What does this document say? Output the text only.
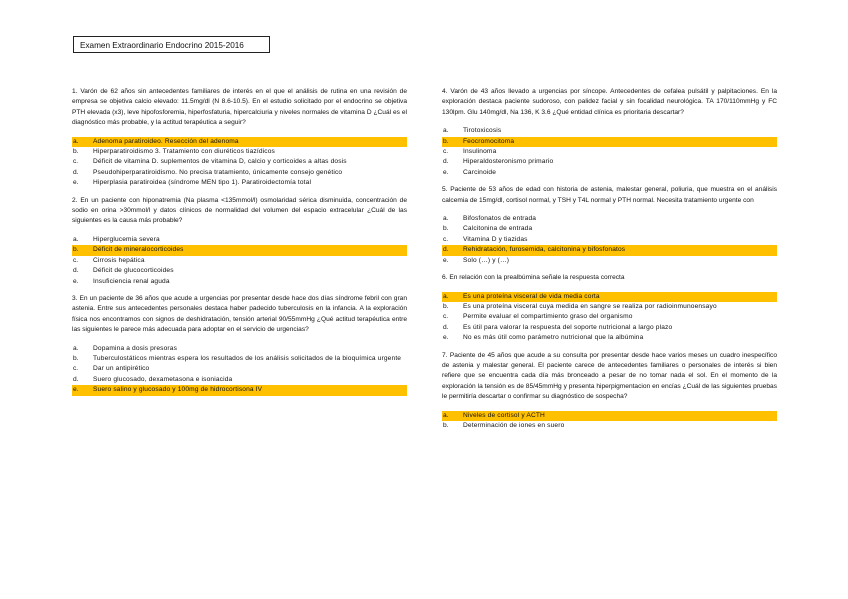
Examen Extraordinario Endocrino 2015-2016

1. Varón de 62 años sin antecedentes familiares de interés en el que el análisis de rutina en una revisión de empresa se objetiva calcio elevado: 11.5mg/dl (N 8.6-10.5). En el estudio solicitado por el endocrino se objetiva PTH elevada (x3), leve hipofosforemia, hiperfosfaturia, hipercalciuria y niveles normales de vitamina D ¿Cuál es el diagnóstico más probable, y la actitud terapéutica a seguir?

a.	Adenoma paratiroideo. Resección del adenoma
b.	Hiperparatiroidismo 3. Tratamiento con diuréticos tiazídicos
c.	Déficit de vitamina D. suplementos de vitamina D, calcio y corticoides a altas dosis
d.	Pseudohiperparatiroidismo. No precisa tratamiento, únicamente consejo genético
e.	Hiperplasia paratiroidea (síndrome MEN tipo 1). Paratiroidectomía total

2. En un paciente con hiponatremia (Na plasma <135mmol/l) osmolaridad sérica disminuida, concentración de sodio en orina >30mmol/l y datos clínicos de normalidad del volumen del espacio extracelular ¿Cuál de las siguientes es la causa más probable?

a.	Hiperglucemia severa
b.	Déficit de mineralocorticoides
c.	Cirrosis hepática
d.	Déficit de glucocorticoides
e.	Insuficiencia renal aguda

3. En un paciente de 36 años que acude a urgencias por presentar desde hace dos días síndrome febril con gran astenia. Entre sus antecedentes personales destaca haber padecido tuberculosis en la infancia. A la exploración física nos encontramos con signos de deshidratación, tensión arterial 90/55mmHg ¿Qué actitud terapéutica entre las siguientes le parece más adecuada para adoptar en el servicio de urgencias?

a.	Dopamina a dosis presoras
b.	Tuberculostáticos mientras espera los resultados de los análisis solicitados de la bioquímica urgente
c.	Dar un antipirético
d.	Suero glucosado, dexametasona e isoniacida
e.	Suero salino y glucosado y 100mg de hidrocortisona IV

4. Varón de 43 años llevado a urgencias por síncope. Antecedentes de cefalea pulsátil y palpitaciones. En la exploración destaca paciente sudoroso, con palidez facial y sin focalidad neurológica. TA 170/110mmHg y FC 130lpm. Glu 140mg/dl, Na 136, K 3.6 ¿Qué entidad clínica es prioritaria descartar?

a.	Tirotoxicosis
b.	Feocromocitoma
c.	Insulinoma
d.	Hiperaldosteronismo primario
e.	Carcinoide

5. Paciente de 53 años de edad con historia de astenia, malestar general, poliuria, que muestra en el análisis calcemia de 15mg/dl, cortisol normal, y TSH y T4L normal y PTH normal. Necesita tratamiento urgente con

a.	Bifosfonatos de entrada
b.	Calcitonina de entrada
c.	Vitamina D y tiazidas
d.	Rehidratación, furosemida, calcitonina y bifosfonatos
e.	Solo (…) y (…)

6. En relación con la prealbúmina señale la respuesta correcta

a.	Es una proteína visceral de vida media corta
b.	Es una proteína visceral cuya medida en sangre se realiza por radioinmunoensayo
c.	Permite evaluar el compartimiento graso del organismo
d.	Es útil para valorar la respuesta del soporte nutricional a largo plazo
e.	No es más útil como parámetro nutricional que la albúmina

7. Paciente de 45 años que acude a su consulta por presentar desde hace varios meses un cuadro inespecífico de astenia y malestar general. El paciente carece de antecedentes familiares o personales de interés si bien refiere que se encuentra cada día más bronceado a pesar de no tomar nada el sol. En el momento de la exploración la tensión es de 85/45mmHg y presenta hiperpigmentacion en encías ¿Cuál de las siguientes pruebas le permitiría descartar o confirmar su diagnóstico de sospecha?

a.	Niveles de cortisol y ACTH
b.	Determinación de iones en suero
